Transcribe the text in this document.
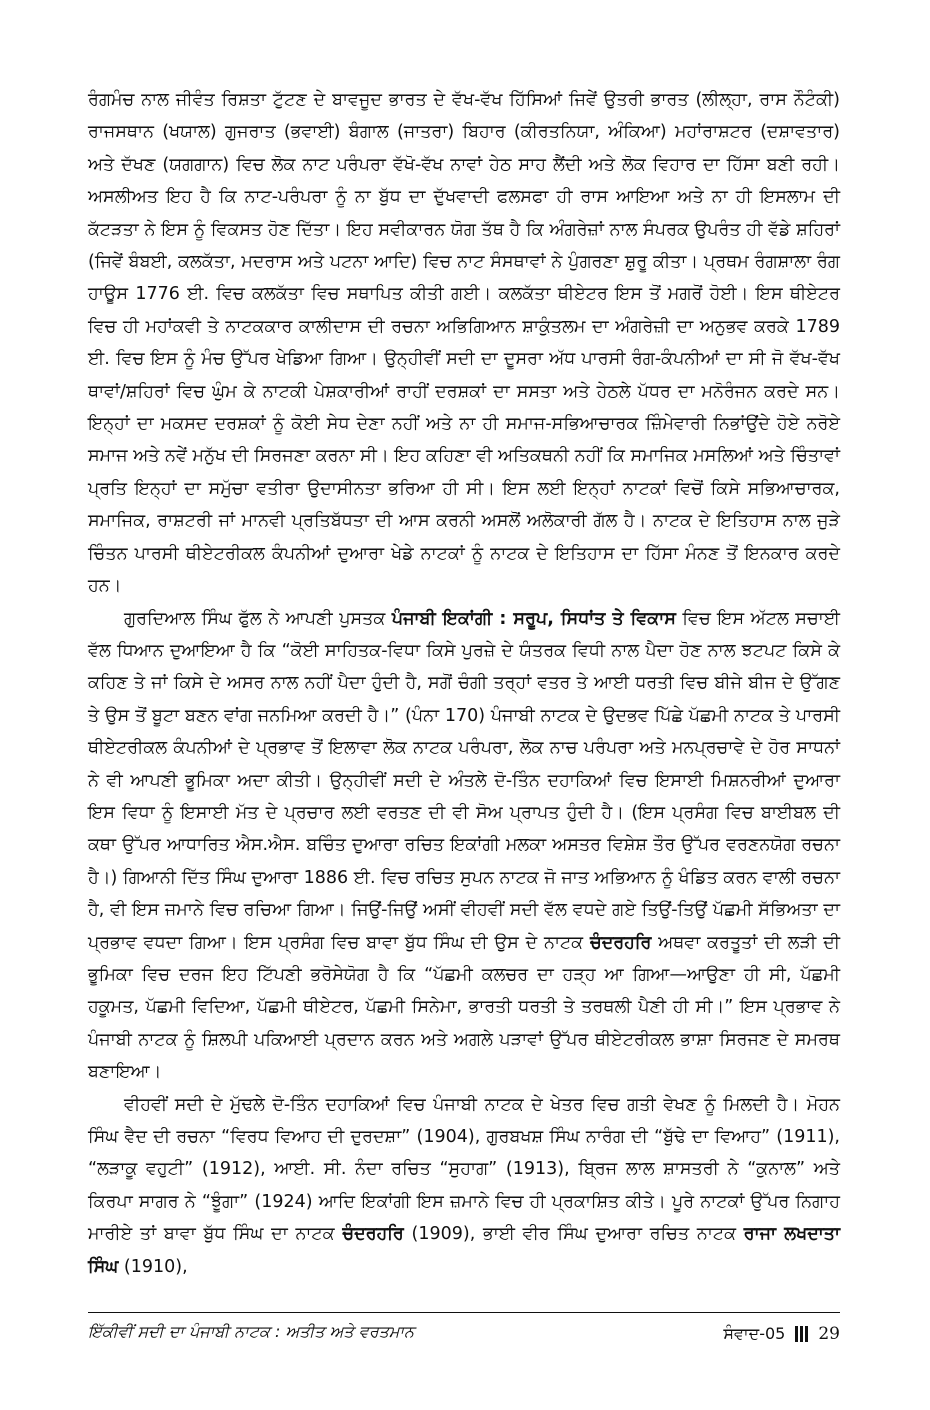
ਰੰਗਮੰਚ ਨਾਲ ਜੀਵੰਤ ਰਿਸ਼ਤਾ ਟੁੱਟਣ ਦੇ ਬਾਵਜੂਦ ਭਾਰਤ ਦੇ ਵੱਖ-ਵੱਖ ਹਿੱਸਿਆਂ ਜਿਵੇਂ ਉਤਰੀ ਭਾਰਤ (ਲੀਲ੍ਹਾ, ਰਾਸ ਨੌਟੰਕੀ) ਰਾਜਸਥਾਨ (ਖਯਾਲ) ਗੁਜਰਾਤ (ਭਵਾਈ) ਬੰਗਾਲ (ਜਾਤਰਾ) ਬਿਹਾਰ (ਕੀਰਤਨਿਯਾ, ਅੰਕਿਆ) ਮਹਾਂਰਾਸ਼ਟਰ (ਦਸ਼ਾਵਤਾਰ) ਅਤੇ ਦੱਖਣ (ਯਗਗਾਨ) ਵਿਚ ਲੋਕ ਨਾਟ ਪਰੰਪਰਾ ਵੱਖੋ-ਵੱਖ ਨਾਵਾਂ ਹੇਠ ਸਾਹ ਲੈਂਦੀ ਅਤੇ ਲੋਕ ਵਿਹਾਰ ਦਾ ਹਿੱਸਾ ਬਣੀ ਰਹੀ। ਅਸਲੀਅਤ ਇਹ ਹੈ ਕਿ ਨਾਟ-ਪਰੰਪਰਾ ਨੂੰ ਨਾ ਬੁੱਧ ਦਾ ਦੁੱਖਵਾਦੀ ਫਲਸਫਾ ਹੀ ਰਾਸ ਆਇਆ ਅਤੇ ਨਾ ਹੀ ਇਸਲਾਮ ਦੀ ਕੱਟੜਤਾ ਨੇ ਇਸ ਨੂੰ ਵਿਕਸਤ ਹੋਣ ਦਿੱਤਾ। ਇਹ ਸਵੀਕਾਰਨ ਯੋਗ ਤੱਥ ਹੈ ਕਿ ਅੰਗਰੇਜ਼ਾਂ ਨਾਲ ਸੰਪਰਕ ਉਪਰੰਤ ਹੀ ਵੱਡੇ ਸ਼ਹਿਰਾਂ (ਜਿਵੇਂ ਬੰਬਈ, ਕਲਕੱਤਾ, ਮਦਰਾਸ ਅਤੇ ਪਟਨਾ ਆਦਿ) ਵਿਚ ਨਾਟ ਸੰਸਥਾਵਾਂ ਨੇ ਪੁੰਗਰਣਾ ਸ਼ੁਰੂ ਕੀਤਾ। ਪ੍ਰਥਮ ਰੰਗਸ਼ਾਲਾ ਰੰਗ ਹਾਊਸ 1776 ਈ. ਵਿਚ ਕਲਕੱਤਾ ਵਿਚ ਸਥਾਪਿਤ ਕੀਤੀ ਗਈ। ਕਲਕੱਤਾ ਥੀਏਟਰ ਇਸ ਤੋਂ ਮਗਰੋਂ ਹੋਈ। ਇਸ ਥੀਏਟਰ ਵਿਚ ਹੀ ਮਹਾਂਕਵੀ ਤੇ ਨਾਟਕਕਾਰ ਕਾਲੀਦਾਸ ਦੀ ਰਚਨਾ ਅਭਿਗਿਆਨ ਸ਼ਾਕੁੰਤਲਮ ਦਾ ਅੰਗਰੇਜ਼ੀ ਦਾ ਅਨੁਭਵ ਕਰਕੇ 1789 ਈ. ਵਿਚ ਇਸ ਨੂੰ ਮੰਚ ਉੱਪਰ ਖੇਡਿਆ ਗਿਆ। ਉਨ੍ਹੀਵੀਂ ਸਦੀ ਦਾ ਦੂਸਰਾ ਅੱਧ ਪਾਰਸੀ ਰੰਗ-ਕੰਪਨੀਆਂ ਦਾ ਸੀ ਜੋ ਵੱਖ-ਵੱਖ ਥਾਵਾਂ/ਸ਼ਹਿਰਾਂ ਵਿਚ ਘੁੰਮ ਕੇ ਨਾਟਕੀ ਪੇਸ਼ਕਾਰੀਆਂ ਰਾਹੀਂ ਦਰਸ਼ਕਾਂ ਦਾ ਸਸਤਾ ਅਤੇ ਹੇਠਲੇ ਪੱਧਰ ਦਾ ਮਨੋਰੰਜਨ ਕਰਦੇ ਸਨ। ਇਨ੍ਹਾਂ ਦਾ ਮਕਸਦ ਦਰਸ਼ਕਾਂ ਨੂੰ ਕੋਈ ਸੇਧ ਦੇਣਾ ਨਹੀਂ ਅਤੇ ਨਾ ਹੀ ਸਮਾਜ-ਸਭਿਆਚਾਰਕ ਜ਼ਿੰਮੇਵਾਰੀ ਨਿਭਾਂਉਂਦੇ ਹੋਏ ਨਰੋਏ ਸਮਾਜ ਅਤੇ ਨਵੇਂ ਮਨੁੱਖ ਦੀ ਸਿਰਜਣਾ ਕਰਨਾ ਸੀ। ਇਹ ਕਹਿਣਾ ਵੀ ਅਤਿਕਥਨੀ ਨਹੀਂ ਕਿ ਸਮਾਜਿਕ ਮਸਲਿਆਂ ਅਤੇ ਚਿੰਤਾਵਾਂ ਪ੍ਰਤਿ ਇਨ੍ਹਾਂ ਦਾ ਸਮੁੱਚਾ ਵਤੀਰਾ ਉਦਾਸੀਨਤਾ ਭਰਿਆ ਹੀ ਸੀ। ਇਸ ਲਈ ਇਨ੍ਹਾਂ ਨਾਟਕਾਂ ਵਿਚੋਂ ਕਿਸੇ ਸਭਿਆਚਾਰਕ, ਸਮਾਜਿਕ, ਰਾਸ਼ਟਰੀ ਜਾਂ ਮਾਨਵੀ ਪ੍ਰਤਿਬੱਧਤਾ ਦੀ ਆਸ ਕਰਨੀ ਅਸਲੋਂ ਅਲੋਕਾਰੀ ਗੱਲ ਹੈ। ਨਾਟਕ ਦੇ ਇਤਿਹਾਸ ਨਾਲ ਜੁੜੇ ਚਿੰਤਨ ਪਾਰਸੀ ਥੀਏਟਰੀਕਲ ਕੰਪਨੀਆਂ ਦੁਆਰਾ ਖੇਡੇ ਨਾਟਕਾਂ ਨੂੰ ਨਾਟਕ ਦੇ ਇਤਿਹਾਸ ਦਾ ਹਿੱਸਾ ਮੰਨਣ ਤੋਂ ਇਨਕਾਰ ਕਰਦੇ ਹਨ।

ਗੁਰਦਿਆਲ ਸਿੰਘ ਫੁੱਲ ਨੇ ਆਪਣੀ ਪੁਸਤਕ ਪੰਜਾਬੀ ਇਕਾਂਗੀ : ਸਰੂਪ, ਸਿਧਾਂਤ ਤੇ ਵਿਕਾਸ ਵਿਚ ਇਸ ਅੱਟਲ ਸਚਾਈ ਵੱਲ ਧਿਆਨ ਦੁਆਇਆ ਹੈ ਕਿ “ਕੋਈ ਸਾਹਿਤਕ-ਵਿਧਾ ਕਿਸੇ ਪੁਰਜ਼ੇ ਦੇ ਯੰਤਰਕ ਵਿਧੀ ਨਾਲ ਪੈਦਾ ਹੋਣ ਨਾਲ ਝਟਪਟ ਕਿਸੇ ਕੇ ਕਹਿਣ ਤੇ ਜਾਂ ਕਿਸੇ ਦੇ ਅਸਰ ਨਾਲ ਨਹੀਂ ਪੈਦਾ ਹੁੰਦੀ ਹੈ, ਸਗੋਂ ਚੰਗੀ ਤਰ੍ਹਾਂ ਵਤਰ ਤੇ ਆਈ ਧਰਤੀ ਵਿਚ ਬੀਜੇ ਬੀਜ ਦੇ ਉੱਗਣ ਤੇ ਉਸ ਤੋਂ ਬੂਟਾ ਬਣਨ ਵਾਂਗ ਜਨਮਿਆ ਕਰਦੀ ਹੈ।” (ਪੰਨਾ 170) ਪੰਜਾਬੀ ਨਾਟਕ ਦੇ ਉਦਭਵ ਪਿੱਛੇ ਪੱਛਮੀ ਨਾਟਕ ਤੇ ਪਾਰਸੀ ਥੀਏਟਰੀਕਲ ਕੰਪਨੀਆਂ ਦੇ ਪ੍ਰਭਾਵ ਤੋਂ ਇਲਾਵਾ ਲੋਕ ਨਾਟਕ ਪਰੰਪਰਾ, ਲੋਕ ਨਾਚ ਪਰੰਪਰਾ ਅਤੇ ਮਨਪ੍ਰਚਾਵੇ ਦੇ ਹੋਰ ਸਾਧਨਾਂ ਨੇ ਵੀ ਆਪਣੀ ਭੂਮਿਕਾ ਅਦਾ ਕੀਤੀ। ਉਨ੍ਹੀਵੀਂ ਸਦੀ ਦੇ ਅੰਤਲੇ ਦੋ-ਤਿੰਨ ਦਹਾਕਿਆਂ ਵਿਚ ਇਸਾਈ ਮਿਸ਼ਨਰੀਆਂ ਦੁਆਰਾ ਇਸ ਵਿਧਾ ਨੂੰ ਇਸਾਈ ਮੱਤ ਦੇ ਪ੍ਰਚਾਰ ਲਈ ਵਰਤਣ ਦੀ ਵੀ ਸੋਅ ਪ੍ਰਾਪਤ ਹੁੰਦੀ ਹੈ। (ਇਸ ਪ੍ਰਸੰਗ ਵਿਚ ਬਾਈਬਲ ਦੀ ਕਥਾ ਉੱਪਰ ਆਧਾਰਿਤ ਐਸ.ਐਸ. ਬਚਿੰਤ ਦੁਆਰਾ ਰਚਿਤ ਇਕਾਂਗੀ ਮਲਕਾ ਅਸਤਰ ਵਿਸ਼ੇਸ਼ ਤੌਰ ਉੱਪਰ ਵਰਣਨਯੋਗ ਰਚਨਾ ਹੈ।) ਗਿਆਨੀ ਦਿੱਤ ਸਿੰਘ ਦੁਆਰਾ 1886 ਈ. ਵਿਚ ਰਚਿਤ ਸੁਪਨ ਨਾਟਕ ਜੋ ਜਾਤ ਅਭਿਆਨ ਨੂੰ ਖੰਡਿਤ ਕਰਨ ਵਾਲੀ ਰਚਨਾ ਹੈ, ਵੀ ਇਸ ਜਮਾਨੇ ਵਿਚ ਰਚਿਆ ਗਿਆ। ਜਿਉਂ-ਜਿਉਂ ਅਸੀਂ ਵੀਹਵੀਂ ਸਦੀ ਵੱਲ ਵਧਦੇ ਗਏ ਤਿਉਂ-ਤਿਉਂ ਪੱਛਮੀ ਸੱਭਿਅਤਾ ਦਾ ਪ੍ਰਭਾਵ ਵਧਦਾ ਗਿਆ। ਇਸ ਪ੍ਰਸੰਗ ਵਿਚ ਬਾਵਾ ਬੁੱਧ ਸਿੰਘ ਦੀ ਉਸ ਦੇ ਨਾਟਕ ਚੰਦਰਹਰਿ ਅਥਵਾ ਕਰਤੂਤਾਂ ਦੀ ਲੜੀ ਦੀ ਭੂਮਿਕਾ ਵਿਚ ਦਰਜ ਇਹ ਟਿੱਪਣੀ ਭਰੋਸੇਯੋਗ ਹੈ ਕਿ “ਪੱਛਮੀ ਕਲਚਰ ਦਾ ਹੜ੍ਹ ਆ ਗਿਆ—ਆਉਣਾ ਹੀ ਸੀ, ਪੱਛਮੀ ਹਕੂਮਤ, ਪੱਛਮੀ ਵਿਦਿਆ, ਪੱਛਮੀ ਥੀਏਟਰ, ਪੱਛਮੀ ਸਿਨੇਮਾ, ਭਾਰਤੀ ਧਰਤੀ ਤੇ ਤਰਥਲੀ ਪੈਣੀ ਹੀ ਸੀ।” ਇਸ ਪ੍ਰਭਾਵ ਨੇ ਪੰਜਾਬੀ ਨਾਟਕ ਨੂੰ ਸ਼ਿਲਪੀ ਪਕਿਆਈ ਪ੍ਰਦਾਨ ਕਰਨ ਅਤੇ ਅਗਲੇ ਪੜਾਵਾਂ ਉੱਪਰ ਥੀਏਟਰੀਕਲ ਭਾਸ਼ਾ ਸਿਰਜਣ ਦੇ ਸਮਰਥ ਬਣਾਇਆ।

ਵੀਹਵੀਂ ਸਦੀ ਦੇ ਮੁੱਢਲੇ ਦੋ-ਤਿੰਨ ਦਹਾਕਿਆਂ ਵਿਚ ਪੰਜਾਬੀ ਨਾਟਕ ਦੇ ਖੇਤਰ ਵਿਚ ਗਤੀ ਵੇਖਣ ਨੂੰ ਮਿਲਦੀ ਹੈ। ਮੋਹਨ ਸਿੰਘ ਵੈਦ ਦੀ ਰਚਨਾ “ਵਿਰਧ ਵਿਆਹ ਦੀ ਦੁਰਦਸ਼ਾ” (1904), ਗੁਰਬਖਸ਼ ਸਿੰਘ ਨਾਰੰਗ ਦੀ “ਬੁੱਢੇ ਦਾ ਵਿਆਹ” (1911), “ਲੜਾਕੂ ਵਹੁਟੀ” (1912), ਆਈ. ਸੀ. ਨੰਦਾ ਰਚਿਤ “ਸੁਹਾਗ” (1913), ਬ੍ਰਿਜ ਲਾਲ ਸ਼ਾਸਤਰੀ ਨੇ “ਕੁਨਾਲ” ਅਤੇ ਕਿਰਪਾ ਸਾਗਰ ਨੇ “ਝੂੰਗਾ” (1924) ਆਦਿ ਇਕਾਂਗੀ ਇਸ ਜ਼ਮਾਨੇ ਵਿਚ ਹੀ ਪ੍ਰਕਾਸ਼ਿਤ ਕੀਤੇ। ਪੂਰੇ ਨਾਟਕਾਂ ਉੱਪਰ ਨਿਗਾਹ ਮਾਰੀਏ ਤਾਂ ਬਾਵਾ ਬੁੱਧ ਸਿੰਘ ਦਾ ਨਾਟਕ ਚੰਦਰਹਰਿ (1909), ਭਾਈ ਵੀਰ ਸਿੰਘ ਦੁਆਰਾ ਰਚਿਤ ਨਾਟਕ ਰਾਜਾ ਲਖਦਾਤਾ ਸਿੰਘ (1910),

ਇੱਕੀਵੀਂ ਸਦੀ ਦਾ ਪੰਜਾਬੀ ਨਾਟਕ : ਅਤੀਤ ਅਤੇ ਵਰਤਮਾਨ	ਸੰਵਾਦ-05 29
